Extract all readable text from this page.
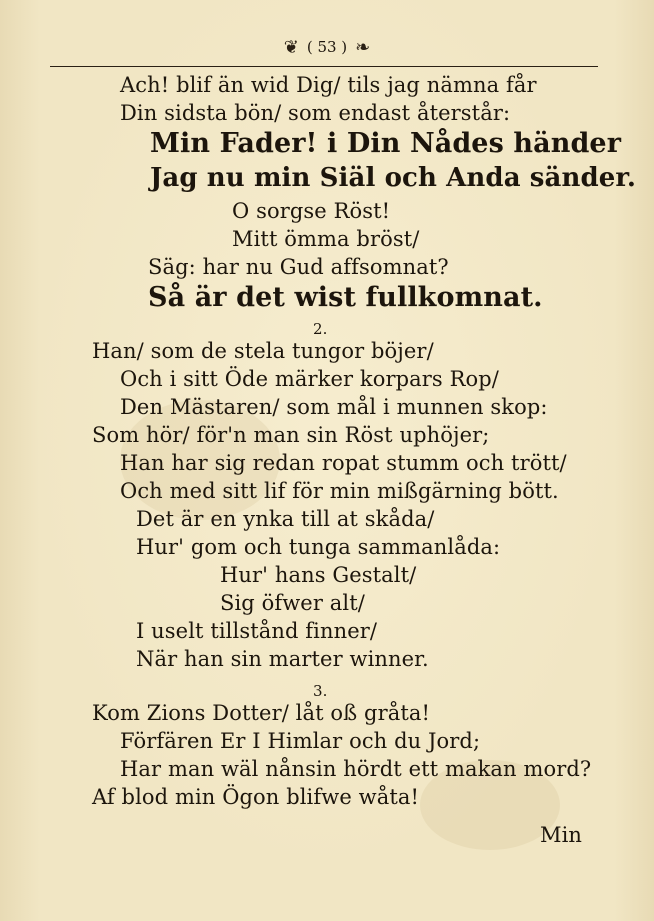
❦ ( 53 ) ❧
Ach! blif än wid Dig/ tils jag nämna får
Din sidsta bön/ som endast återstår:
Min Fader! i Din Nådes händer
Jag nu min Siäl och Anda sänder.
O sorgse Röst!
Mitt ömma bröst/
Säg: har nu Gud affsomnat?
Så är det wist fullkomnat.
2.
Han/ som de stela tungor böjer/
Och i sitt Öde märker korpars Rop/
Den Mästaren/ som mål i munnen skop:
Som hör/ för'n man sin Röst uphöjer;
Han har sig redan ropat stumm och trött/
Och med sitt lif för min mißgärning bött.
Det är en ynka till at skåda/
Hur' gom och tunga sammanlåda:
Hur' hans Gestalt/
Sig öfwer alt/
I uselt tillstånd finner/
När han sin marter winner.
3.
Kom Zions Dotter/ låt oß gråta!
Förfären Er I Himlar och du Jord;
Har man wäl nånsin hördt ett makan mord?
Af blod min Ögon blifwe wåta!
Min
